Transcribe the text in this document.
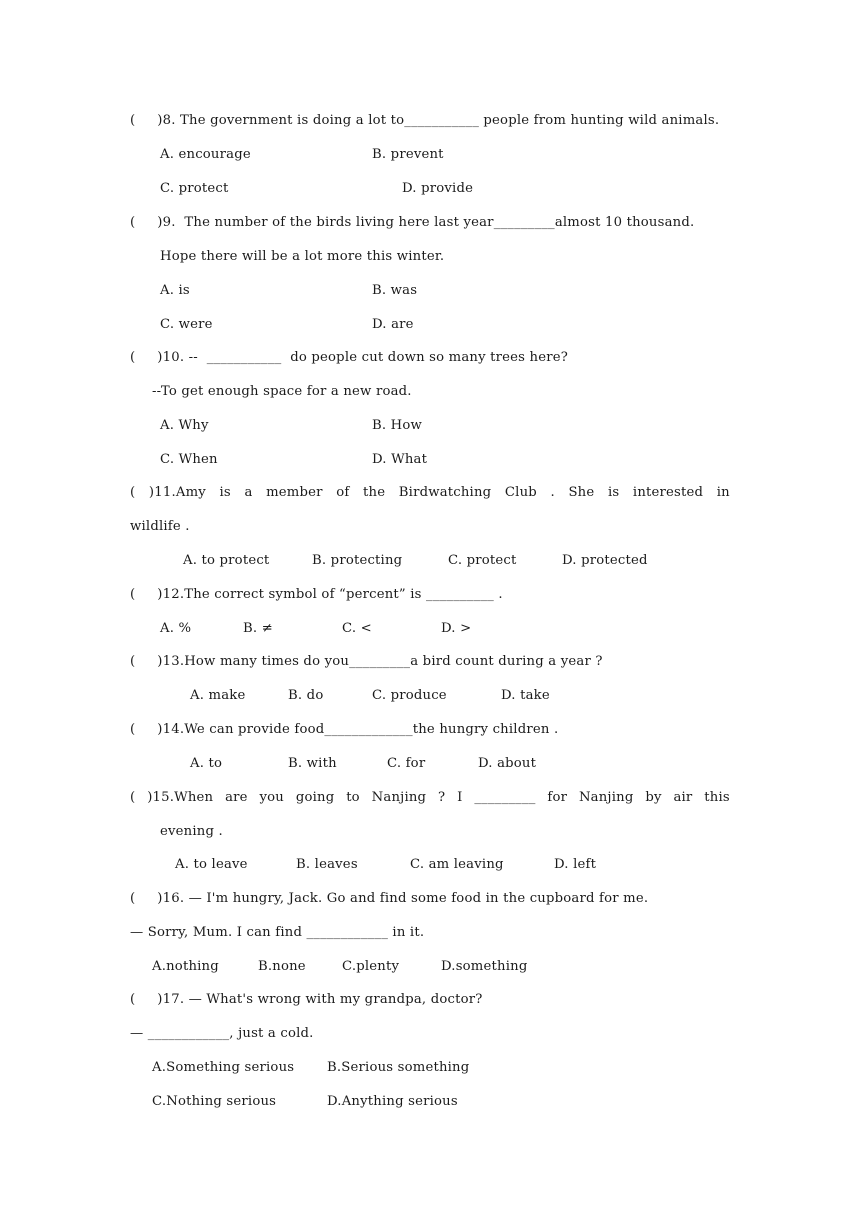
(     )8. The government is doing a lot to___________ people from hunting wild animals.
A. encourage	B. prevent
C. protect	D. provide
(     )9.  The number of the birds living here last year_________almost 10 thousand.
Hope there will be a lot more this winter.
A. is	B. was
C. were	D. are
(     )10. --  ___________  do people cut down so many trees here?
--To get enough space for a new road.
A. Why	B. How
C. When	D. What
( )11.Amy is a member of the Birdwatching Club . She is interested in
wildlife .
A. to protect	B. protecting	C. protect	D. protected
(     )12.The correct symbol of “percent” is __________ .
A. %	B. ≠	C. <	D. >
(     )13.How many times do you_________a bird count during a year ?
A. make	B. do	C. produce	D. take
(     )14.We can provide food_____________the hungry children .
A. to	B. with	C. for	D. about
( )15.When are you going to Nanjing ? I _________ for Nanjing by air this
evening .
A. to leave	B. leaves	C. am leaving	D. left
(     )16. — I'm hungry, Jack. Go and find some food in the cupboard for me.
— Sorry, Mum. I can find ____________ in it.
A.nothing	B.none	C.plenty	D.something
(     )17. — What's wrong with my grandpa, doctor?
— ____________, just a cold.
A.Something serious B.Serious something
C.Nothing serious	D.Anything serious
